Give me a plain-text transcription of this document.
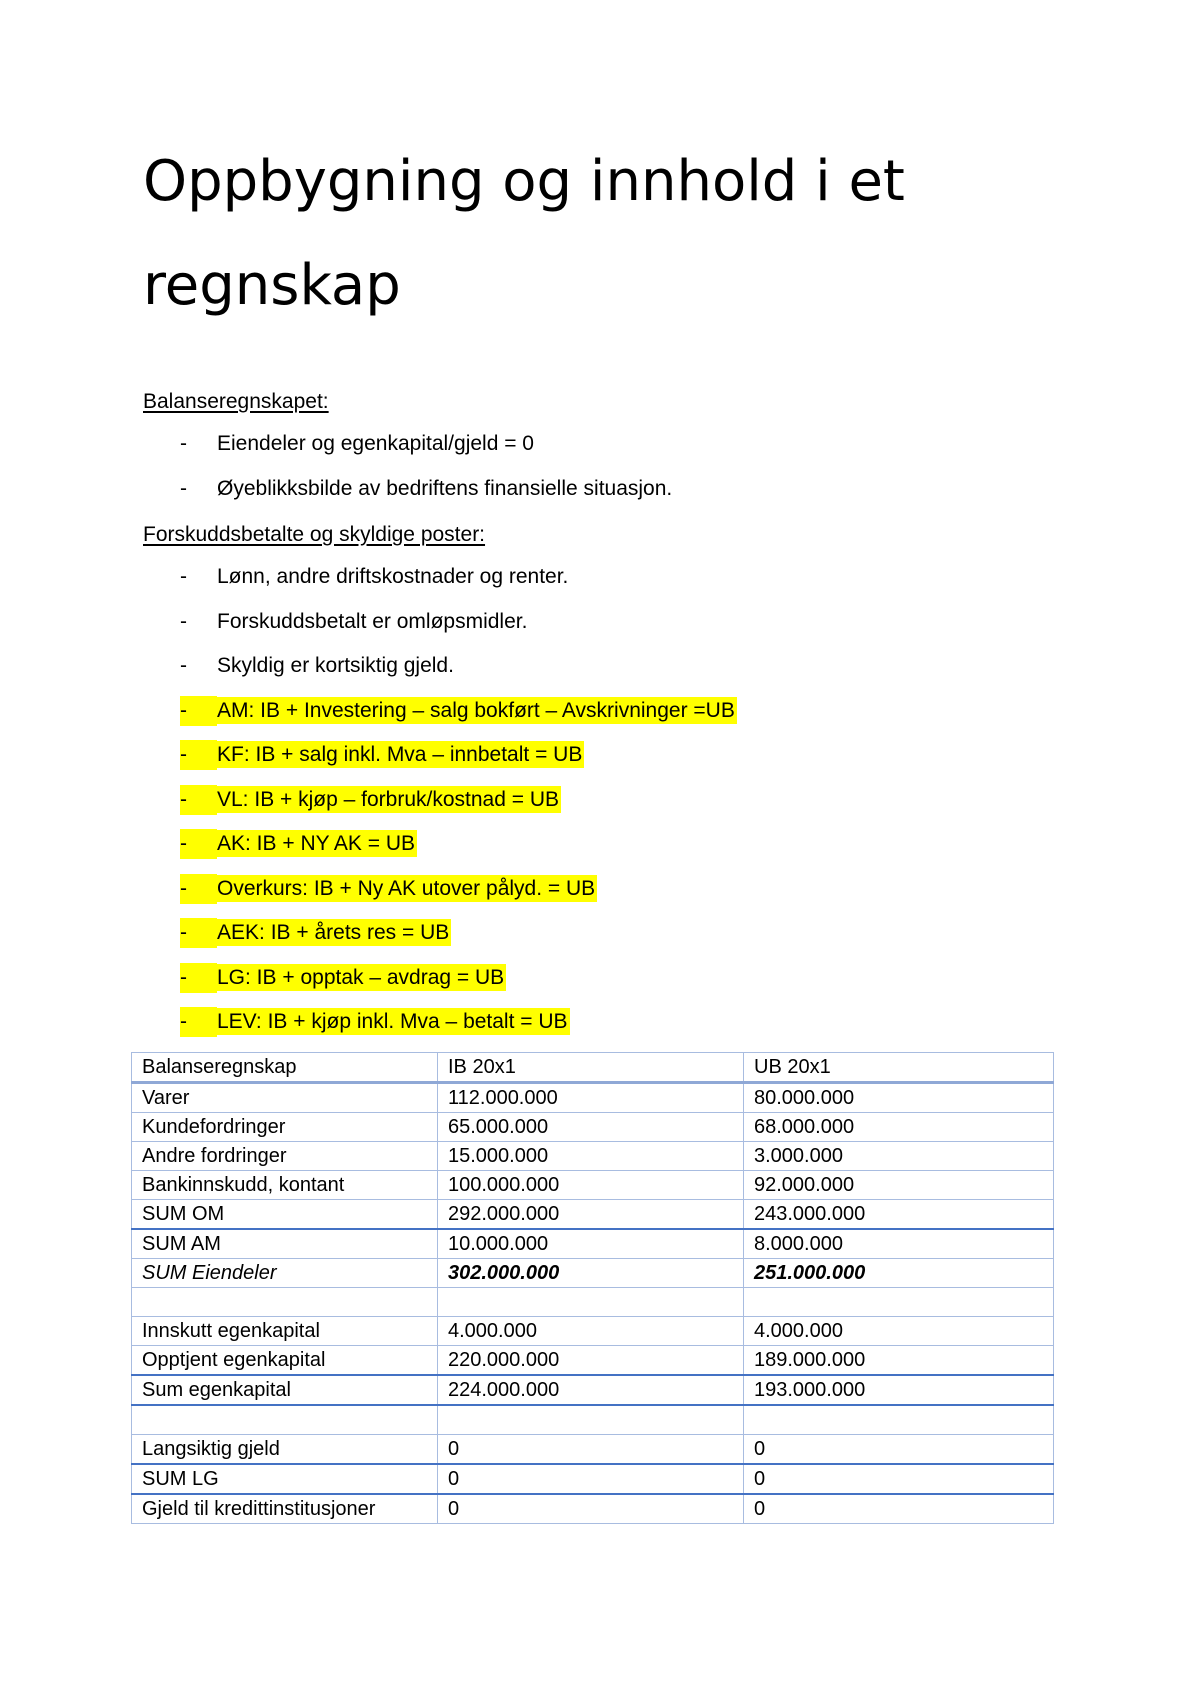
Oppbygning og innhold i et regnskap

Balanseregnskapet:

- Eiendeler og egenkapital/gjeld = 0
- Øyeblikksbilde av bedriftens finansielle situasjon.

Forskuddsbetalte og skyldige poster:

- Lønn, andre driftskostnader og renter.
- Forskuddsbetalt er omløpsmidler.
- Skyldig er kortsiktig gjeld.
- AM: IB + Investering – salg bokført – Avskrivninger =UB
- KF: IB + salg inkl. Mva – innbetalt = UB
- VL: IB + kjøp – forbruk/kostnad = UB
- AK: IB + NY AK = UB
- Overkurs: IB + Ny AK utover pålyd. = UB
- AEK: IB + årets res = UB
- LG: IB + opptak – avdrag = UB
- LEV: IB + kjøp inkl. Mva – betalt = UB
Balanseregnskap	IB 20x1	UB 20x1
Varer	112.000.000	80.000.000
Kundefordringer	65.000.000	68.000.000
Andre fordringer	15.000.000	3.000.000
Bankinnskudd, kontant	100.000.000	92.000.000
SUM OM	292.000.000	243.000.000
SUM AM	10.000.000	8.000.000
SUM Eiendeler	302.000.000	251.000.000

Innskutt egenkapital	4.000.000	4.000.000
Opptjent egenkapital	220.000.000	189.000.000
Sum egenkapital	224.000.000	193.000.000

Langsiktig gjeld	0	0
SUM LG	0	0
Gjeld til kredittinstitusjoner	0	0
